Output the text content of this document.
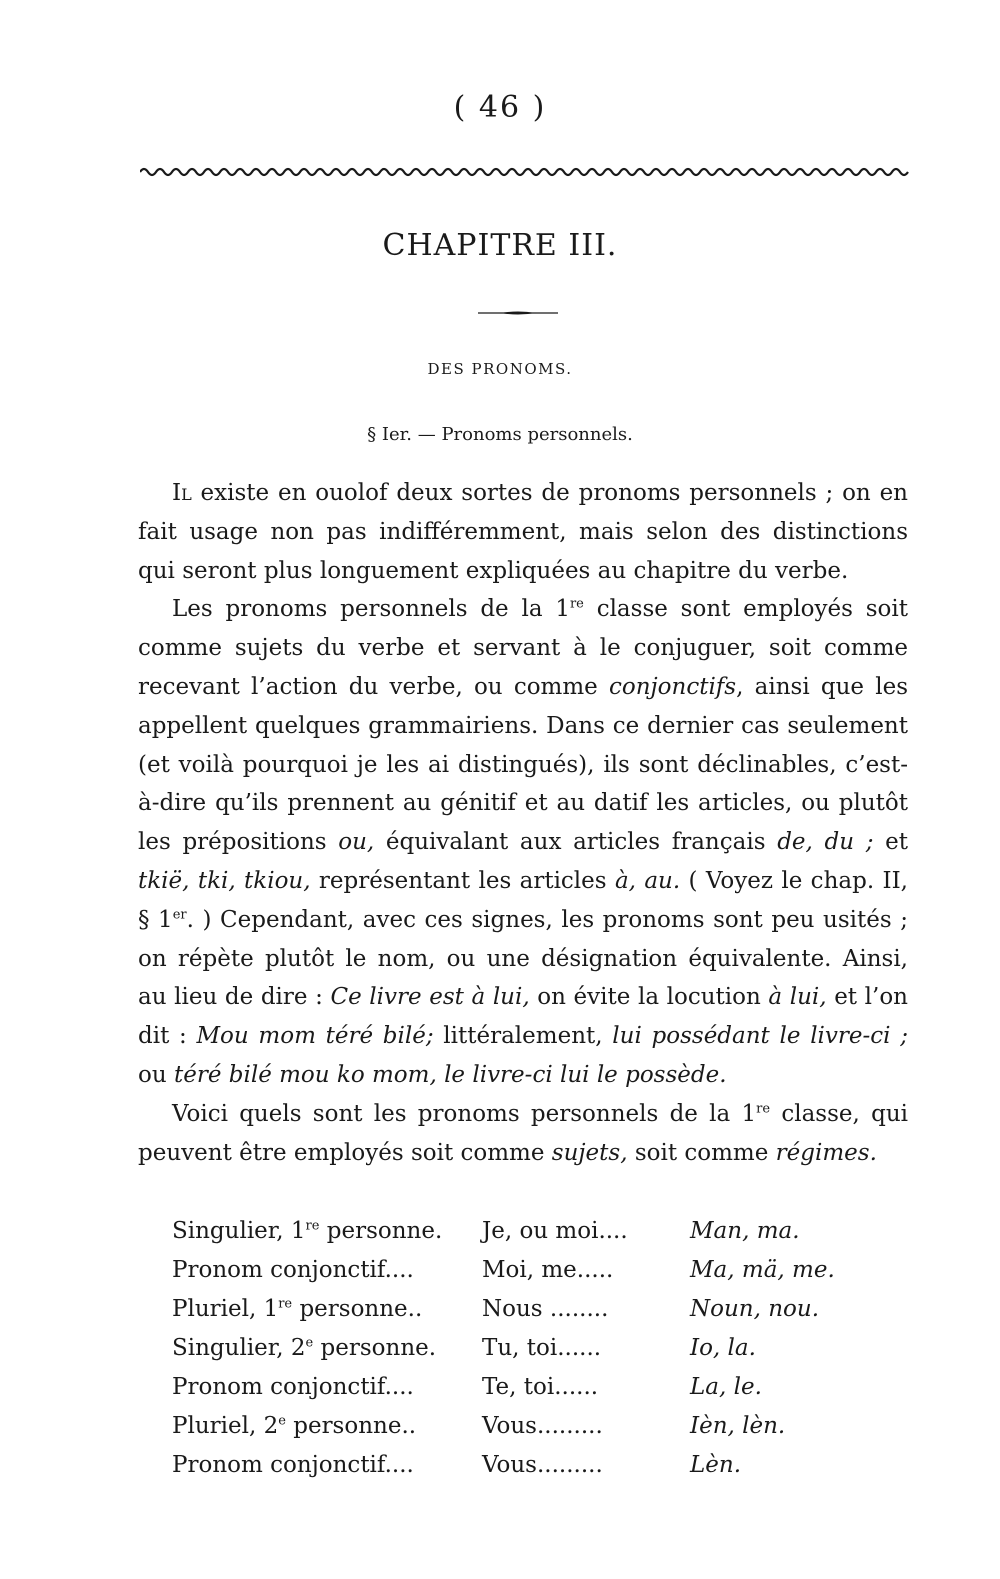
( 46 )
CHAPITRE III.
DES PRONOMS.
§ Ier. — Pronoms personnels.

Il existe en ouolof deux sortes de pronoms personnels ; on en fait usage non pas indifféremment, mais selon des distinctions qui seront plus longuement expliquées au chapitre du verbe.

Les pronoms personnels de la 1re classe sont employés soit comme sujets du verbe et servant à le conjuguer, soit comme recevant l’action du verbe, ou comme conjonctifs, ainsi que les appellent quelques grammairiens. Dans ce dernier cas seulement (et voilà pourquoi je les ai distingués), ils sont déclinables, c’est-à-dire qu’ils prennent au génitif et au datif les articles, ou plutôt les prépositions ou, équivalant aux articles français de, du ; et tkië, tki, tkiou, représentant les articles à, au. ( Voyez le chap. II, § 1er. ) Cependant, avec ces signes, les pronoms sont peu usités ; on répète plutôt le nom, ou une désignation équivalente. Ainsi, au lieu de dire : Ce livre est à lui, on évite la locution à lui, et l’on dit : Mou mom téré bilé; littéralement, lui possédant le livre-ci ; ou téré bilé mou ko mom, le livre-ci lui le possède.

Voici quels sont les pronoms personnels de la 1re classe, qui peuvent être employés soit comme sujets, soit comme régimes.

Singulier, 1re personne.	Je, ou moi....	Man, ma.
Pronom conjonctif....	Moi, me.....	Ma, mä, me.
Pluriel, 1re personne..	Nous ........	Noun, nou.
Singulier, 2e personne.	Tu, toi......	Io, la.
Pronom conjonctif....	Te, toi......	La, le.
Pluriel, 2e personne..	Vous.........	Ièn, lèn.
Pronom conjonctif....	Vous.........	Lèn.
